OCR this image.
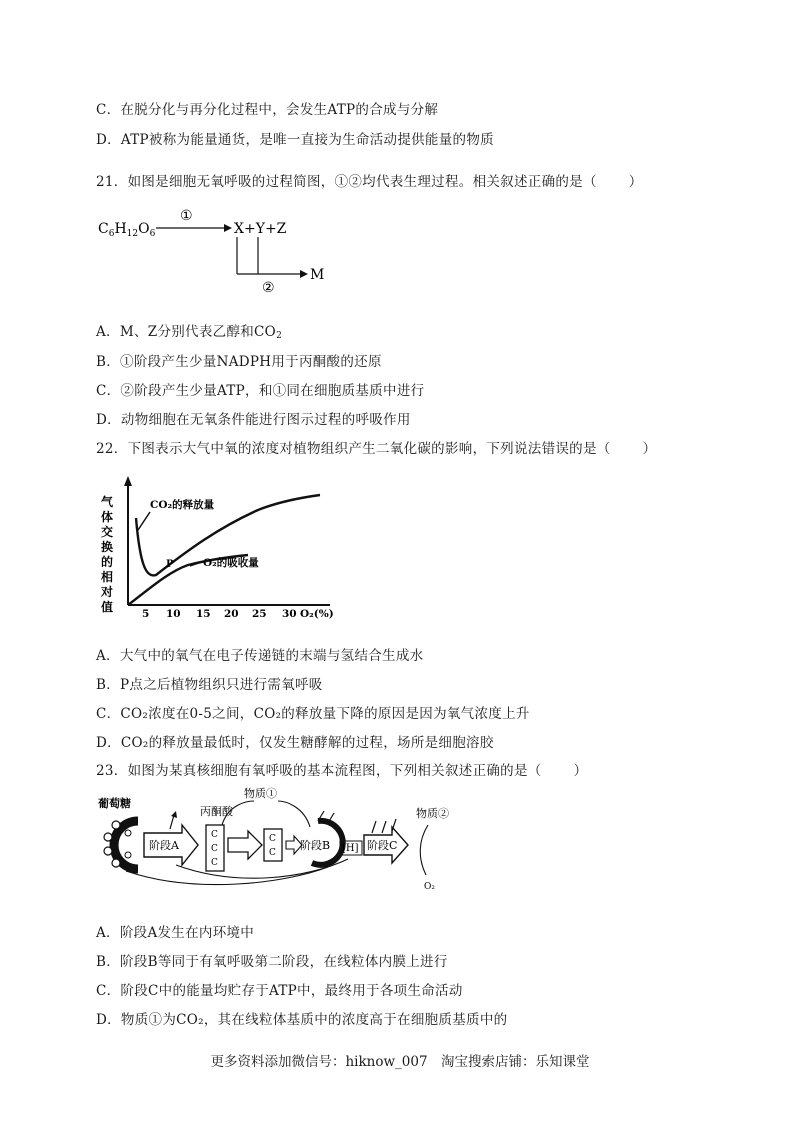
C．在脱分化与再分化过程中，会发生ATP的合成与分解
D．ATP被称为能量通货，是唯一直接为生命活动提供能量的物质
21．如图是细胞无氧呼吸的过程简图，①②均代表生理过程。相关叙述正确的是（ ）
$C_6H_{12}O_6$
①
X+Y+Z
M
②
A．M、Z分别代表乙醇和$CO_2$
B．①阶段产生少量NADPH用于丙酮酸的还原
C．②阶段产生少量ATP，和①同在细胞质基质中进行
D．动物细胞在无氧条件能进行图示过程的呼吸作用
22．下图表示大气中氧的浓度对植物组织产生二氧化碳的影响，下列说法错误的是（ ）
气
体
交
换
的
相
对
值
CO₂的释放量
P	O₂的吸收量
5 10 15 20 25 30 O₂(%)
A．大气中的氧气在电子传递链的末端与氢结合生成水
B．P点之后植物组织只进行需氧呼吸
C．CO₂浓度在0-5之间，CO₂的释放量下降的原因是因为氧气浓度上升
D．CO₂的释放量最低时，仅发生糖酵解的过程，场所是细胞溶胶
23．如图为某真核细胞有氧呼吸的基本流程图，下列相关叙述正确的是（ ）
葡萄糖
阶段A
丙酮酸
C
C
C
C
C
物质①
阶段B [H] 阶段C
物质②
O₂
A．阶段A发生在内环境中
B．阶段B等同于有氧呼吸第二阶段，在线粒体内膜上进行
C．阶段C中的能量均贮存于ATP中，最终用于各项生命活动
D．物质①为CO₂，其在线粒体基质中的浓度高于在细胞质基质中的
更多资料添加微信号：hiknow_007　淘宝搜索店铺：乐知课堂
